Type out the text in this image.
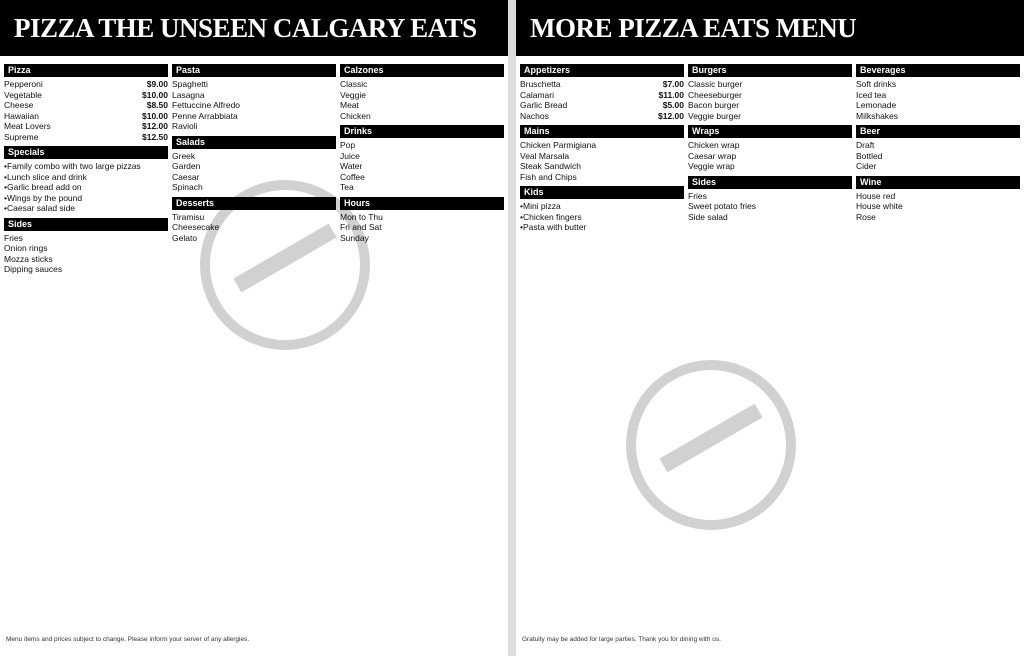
PIZZA THE UNSEEN CALGARY EATS
Pizza
Pepperoni	$9.00
Vegetable	$10.00
Cheese	$8.50
Hawaiian	$10.00
Meat Lovers	$12.00
Supreme	$12.50
Specials
• Family combo with two large pizzas
• Lunch slice and drink
• Garlic bread add on
• Wings by the pound
• Caesar salad side
Sides
Fries
Onion rings
Mozza sticks
Dipping sauces
Pasta
Spaghetti
Lasagna
Fettuccine Alfredo
Penne Arrabbiata
Ravioli
Salads
Greek
Garden
Caesar
Spinach
Desserts
Tiramisu
Cheesecake
Gelato
Calzones
Classic
Veggie
Meat
Chicken
Drinks
Pop
Juice
Water
Coffee
Tea
Hours
Mon to Thu
Fri and Sat
Sunday
Menu items and prices subject to change. Please inform your server of any allergies.
MORE PIZZA EATS MENU
Appetizers
Bruschetta	$7.00
Calamari	$11.00
Garlic Bread	$5.00
Nachos	$12.00
Mains
Chicken Parmigiana
Veal Marsala
Steak Sandwich
Fish and Chips
Kids
• Mini pizza
• Chicken fingers
• Pasta with butter
Burgers
Classic burger
Cheeseburger
Bacon burger
Veggie burger
Wraps
Chicken wrap
Caesar wrap
Veggie wrap
Sides
Fries
Sweet potato fries
Side salad
Beverages
Soft drinks
Iced tea
Lemonade
Milkshakes
Beer
Draft
Bottled
Cider
Wine
House red
House white
Rose
Gratuity may be added for large parties. Thank you for dining with us.
